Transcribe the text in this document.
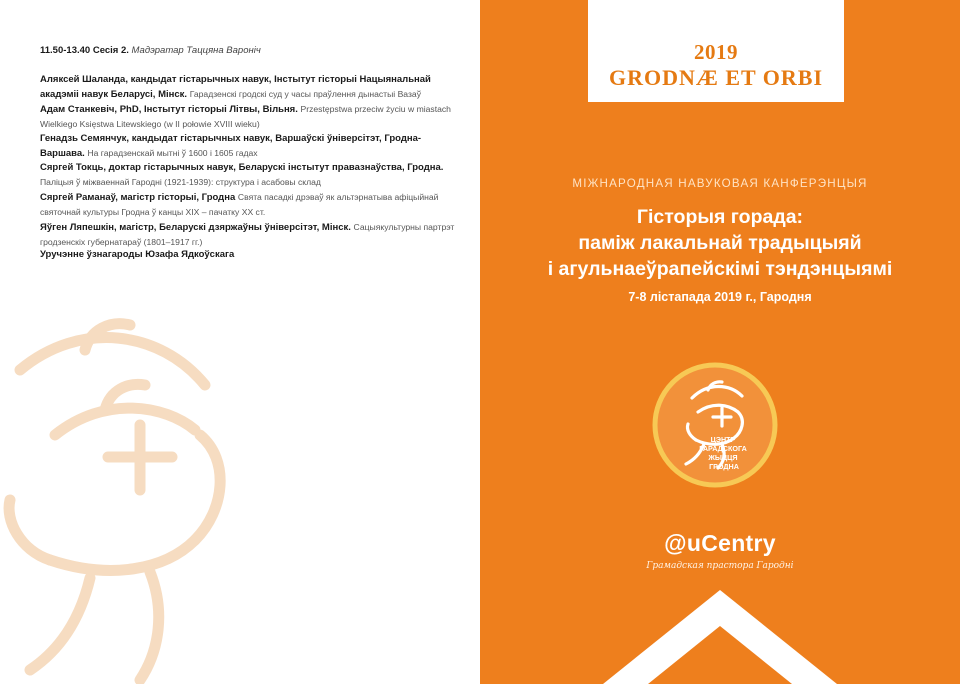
11.50-13.40 Сесія 2. Мадэратар Таццяна Вароніч
Аляксей Шаланда, кандыдат гістарычных навук, Інстытут гісторыі Нацыянальнай акадэміі навук Беларусі, Мінск. Гарадзенскі гродскі суд у часы праўлення дынастыі Вазаў
Адам Станкевіч, PhD, Інстытут гісторыі Літвы, Вільня. Przestępstwa przeciw życiu w miastach Wielkiego Księstwa Litewskiego (w II połowie XVIII wieku)
Генадзь Семянчук, кандыдат гістарычных навук, Варшаўскі ўніверсітэт, Гродна-Варшава. На гарадзенскай мытні ў 1600 і 1605 гадах
Сяргей Токць, доктар гістарычных навук, Беларускі інстытут правазнаўства, Гродна. Паліцыя ў міжваеннай Гародні (1921-1939): структура і асабовы склад
Сяргей Раманаў, магістр гісторыі, Гродна Свята пасадкі дрэваў як альтэрнатыва афіцыйнай святочнай культуры Гродна ў канцы XIX – пачатку XX ст.
Яўген Ляпешкін, магістр, Беларускі дзяржаўны ўніверсітэт, Мінск. Сацыякультурны партрэт гродзенскіх губернатараў (1801–1917 гг.)
Уручэнне ўзнагароды Юзафа Ядкоўскага
2019
GRODNÆ ET ORBI
МІЖНАРОДНАЯ НАВУКОВАЯ КАНФЕРЭНЦЫЯ
Гісторыя горада:
паміж лакальнай традыцыяй
і агульнаеўрапейскімі тэндэнцыямі
7-8 лістапада 2019 г., Гародня
ЦЭНТР ГАРАДСКОГА ЖЫЦЦЯ ГРОДНА
@uCentry
Грамадская прастора Гародні
